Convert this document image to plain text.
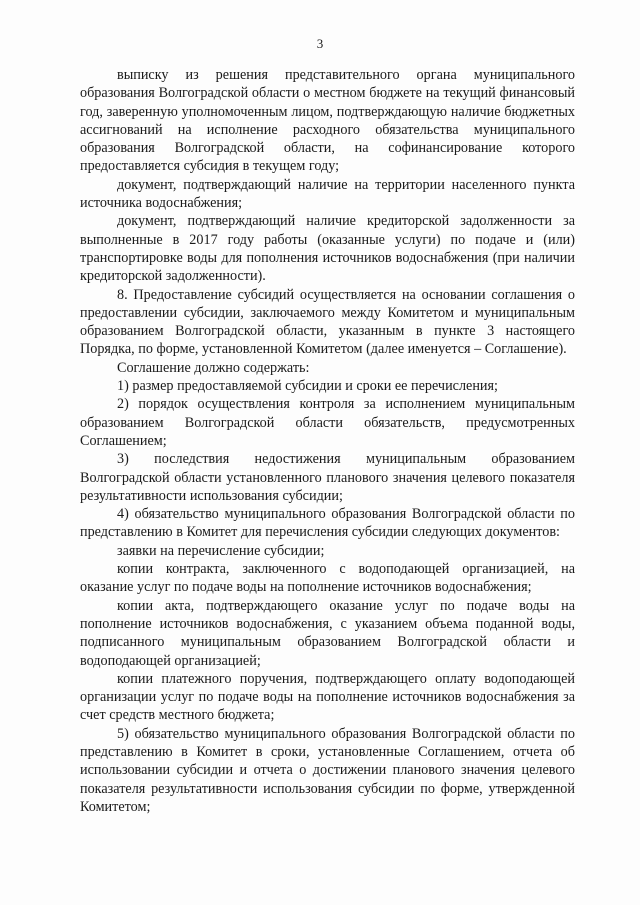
3

выписку из решения представительного органа муниципального образования Волгоградской области о местном бюджете на текущий финансовый год, заверенную уполномоченным лицом, подтверждающую наличие бюджетных ассигнований на исполнение расходного обязательства муниципального образования Волгоградской области, на софинансирование которого предоставляется субсидия в текущем году;

документ, подтверждающий наличие на территории населенного пункта источника водоснабжения;

документ, подтверждающий наличие кредиторской задолженности за выполненные в 2017 году работы (оказанные услуги) по подаче и (или) транспортировке воды для пополнения источников водоснабжения (при наличии кредиторской задолженности).

8. Предоставление субсидий осуществляется на основании соглашения о предоставлении субсидии, заключаемого между Комитетом и муниципальным образованием Волгоградской области, указанным в пункте 3 настоящего Порядка, по форме, установленной Комитетом (далее именуется – Соглашение).

Соглашение должно содержать:

1) размер предоставляемой субсидии и сроки ее перечисления;

2) порядок осуществления контроля за исполнением муниципальным образованием Волгоградской области обязательств, предусмотренных Соглашением;

3) последствия недостижения муниципальным образованием Волгоградской области установленного планового значения целевого показателя результативности использования субсидии;

4) обязательство муниципального образования Волгоградской области по представлению в Комитет для перечисления субсидии следующих документов:

заявки на перечисление субсидии;

копии контракта, заключенного с водоподающей организацией, на оказание услуг по подаче воды на пополнение источников водоснабжения;

копии акта, подтверждающего оказание услуг по подаче воды на пополнение источников водоснабжения, с указанием объема поданной воды, подписанного муниципальным образованием Волгоградской области и водоподающей организацией;

копии платежного поручения, подтверждающего оплату водоподающей организации услуг по подаче воды на пополнение источников водоснабжения за счет средств местного бюджета;

5) обязательство муниципального образования Волгоградской области по представлению в Комитет в сроки, установленные Соглашением, отчета об использовании субсидии и отчета о достижении планового значения целевого показателя результативности использования субсидии по форме, утвержденной Комитетом;
